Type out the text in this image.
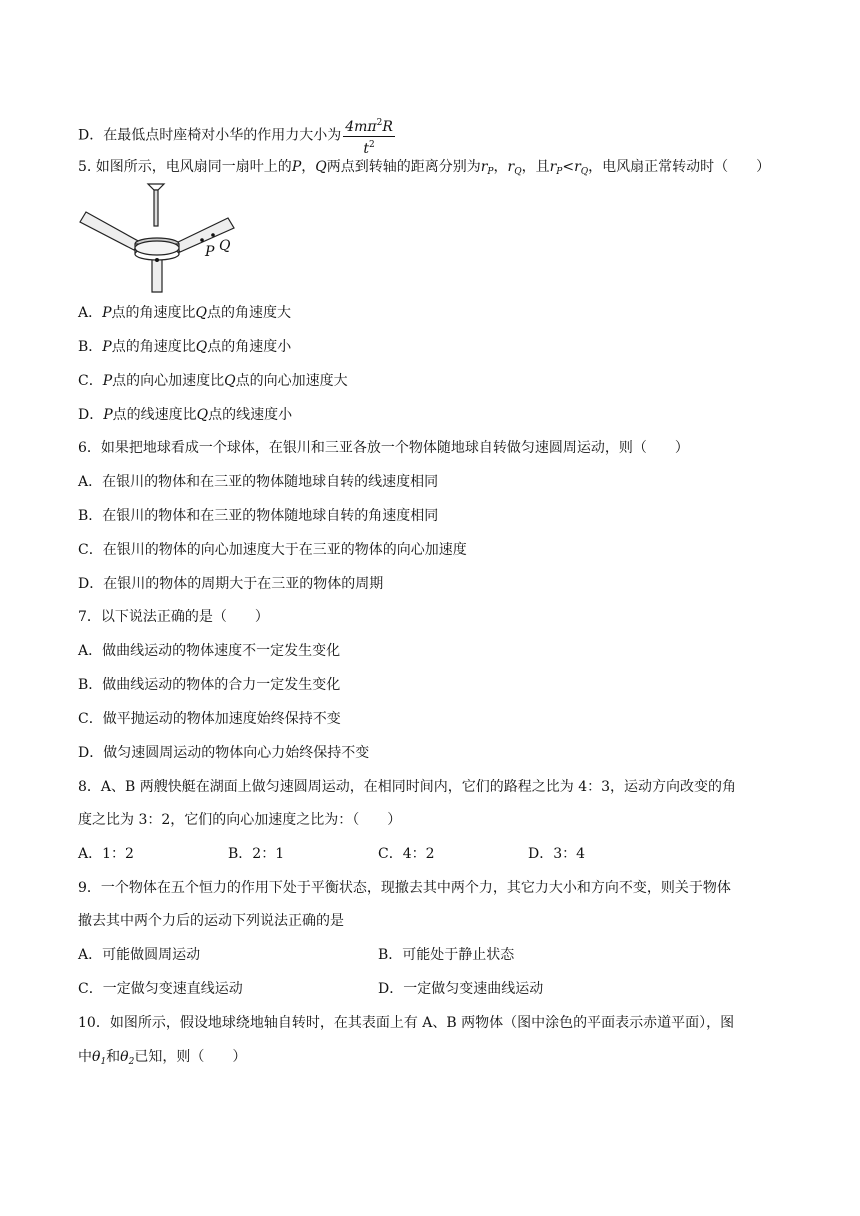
D．在最低点时座椅对小华的作用力大小为 $\frac{4m\pi^2R}{t^2}$
5. 如图所示，电风扇同一扇叶上的P，Q两点到转轴的距离分别为$r_P$，$r_Q$，且$r_P<r_Q$，电风扇正常转动时（　　）
P Q
A．P点的角速度比Q点的角速度大
B．P点的角速度比Q点的角速度小
C．P点的向心加速度比Q点的向心加速度大
D．P点的线速度比Q点的线速度小
6．如果把地球看成一个球体，在银川和三亚各放一个物体随地球自转做匀速圆周运动，则（　　）
A．在银川的物体和在三亚的物体随地球自转的线速度相同
B．在银川的物体和在三亚的物体随地球自转的角速度相同
C．在银川的物体的向心加速度大于在三亚的物体的向心加速度
D．在银川的物体的周期大于在三亚的物体的周期
7．以下说法正确的是（　　）
A．做曲线运动的物体速度不一定发生变化
B．做曲线运动的物体的合力一定发生变化
C．做平抛运动的物体加速度始终保持不变
D．做匀速圆周运动的物体向心力始终保持不变
8．A、B 两艘快艇在湖面上做匀速圆周运动，在相同时间内，它们的路程之比为 4：3，运动方向改变的角
度之比为 3：2，它们的向心加速度之比为：（　　）
A．1：2	B．2：1	C．4：2	D．3：4
9．一个物体在五个恒力的作用下处于平衡状态，现撤去其中两个力，其它力大小和方向不变，则关于物体
撤去其中两个力后的运动下列说法正确的是
A．可能做圆周运动	B．可能处于静止状态
C．一定做匀变速直线运动	D．一定做匀变速曲线运动
10．如图所示，假设地球绕地轴自转时，在其表面上有 A、B 两物体（图中涂色的平面表示赤道平面），图
中$\theta_1$和$\theta_2$已知，则（　　）
